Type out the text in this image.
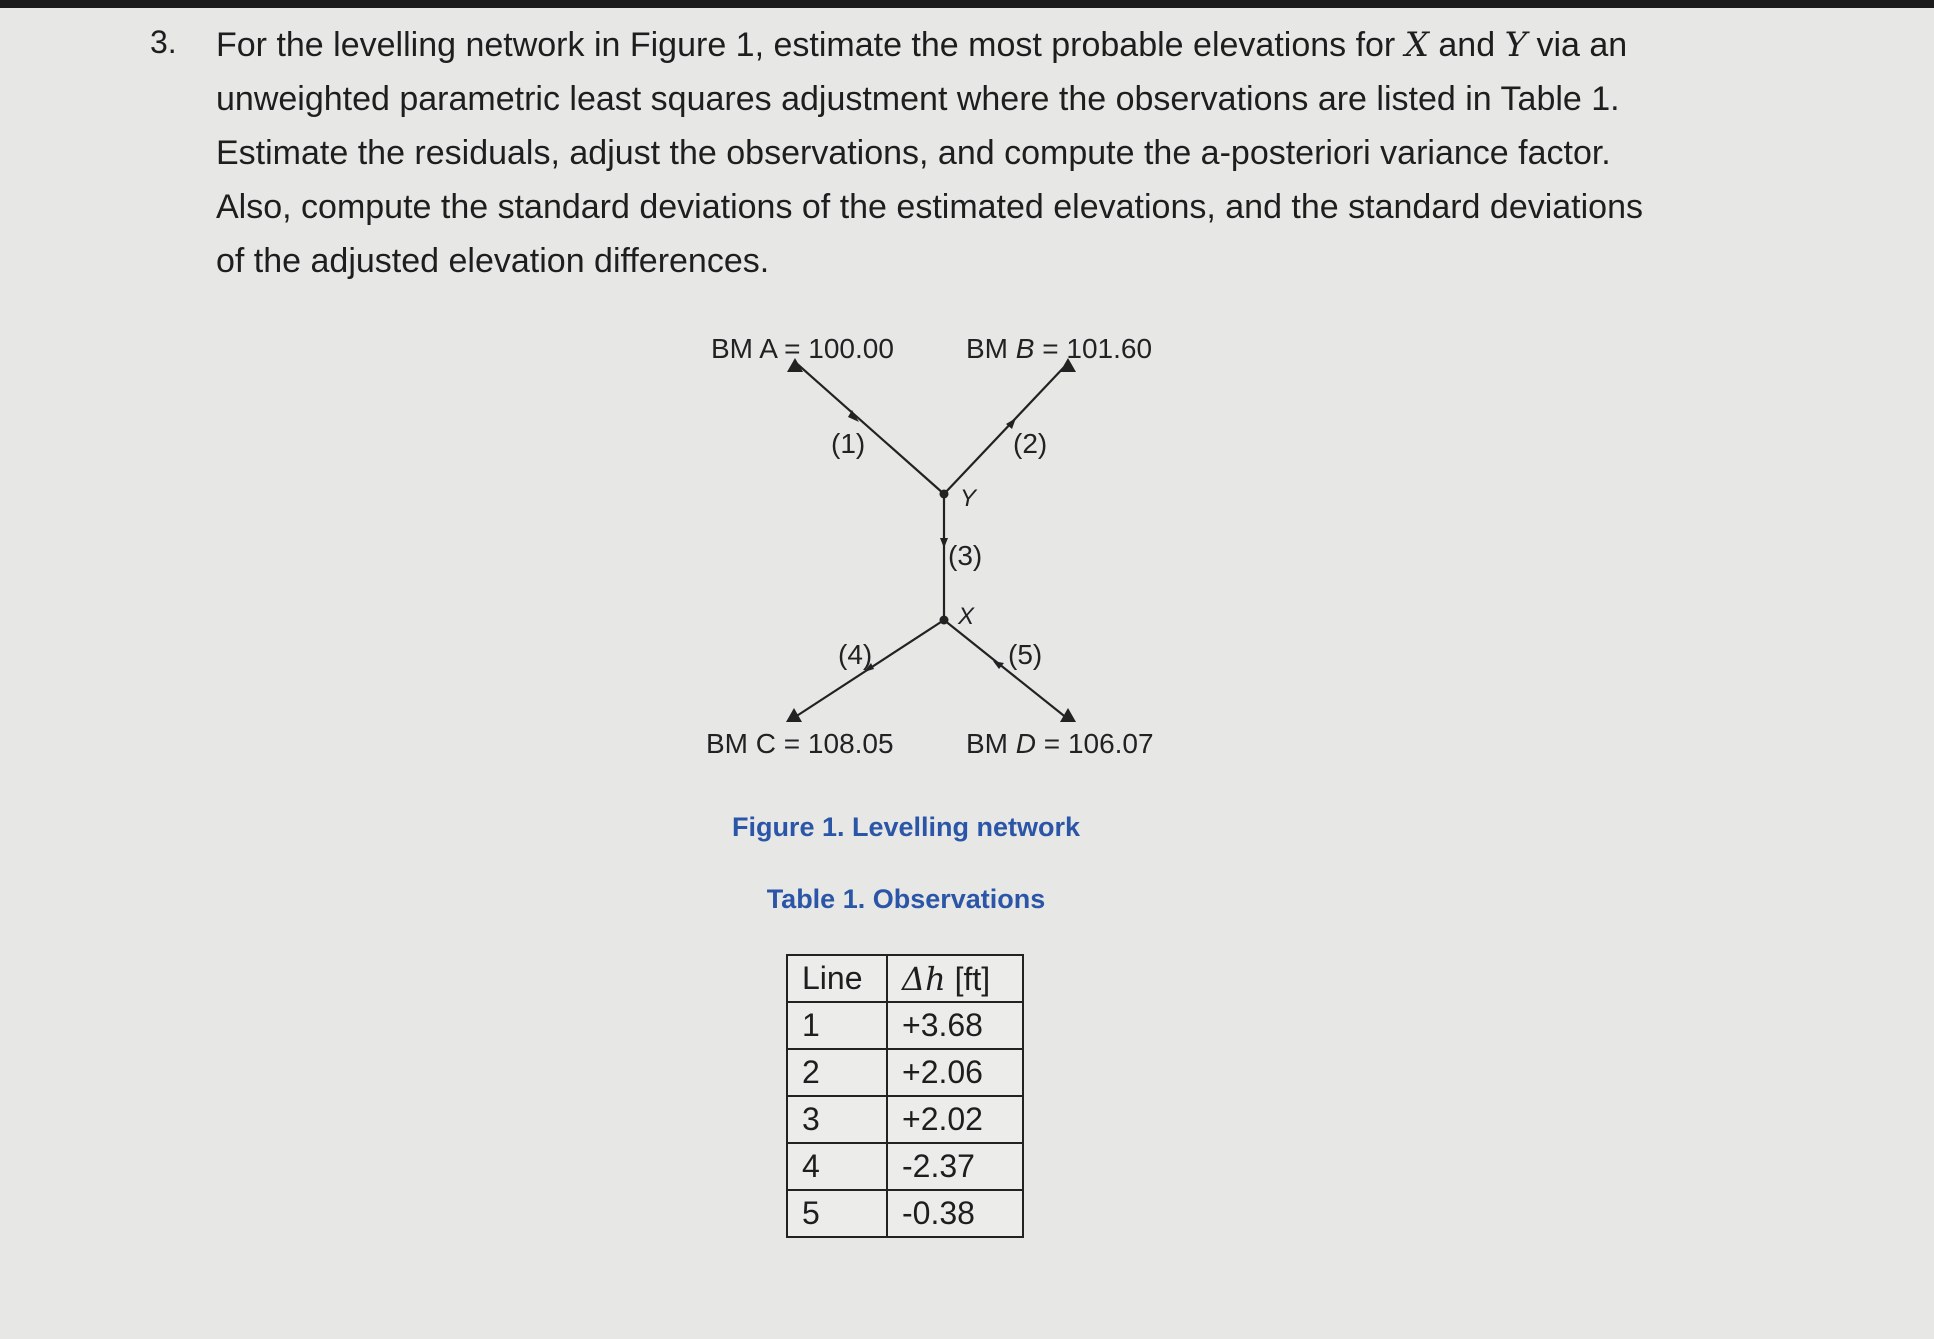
3. For the levelling network in Figure 1, estimate the most probable elevations for X and Y via an
unweighted parametric least squares adjustment where the observations are listed in Table 1.
Estimate the residuals, adjust the observations, and compute the a-posteriori variance factor.
Also, compute the standard deviations of the estimated elevations, and the standard deviations
of the adjusted elevation differences.
BM A = 100.00	BM B = 101.60
BM C = 108.05	BM D = 106.07
(1)	(2)
(3)
(4)	(5)
Y
X
Figure 1. Levelling network
Table 1. Observations
Line	Δh [ft]
1	+3.68
2	+2.06
3	+2.02
4	-2.37
5	-0.38
